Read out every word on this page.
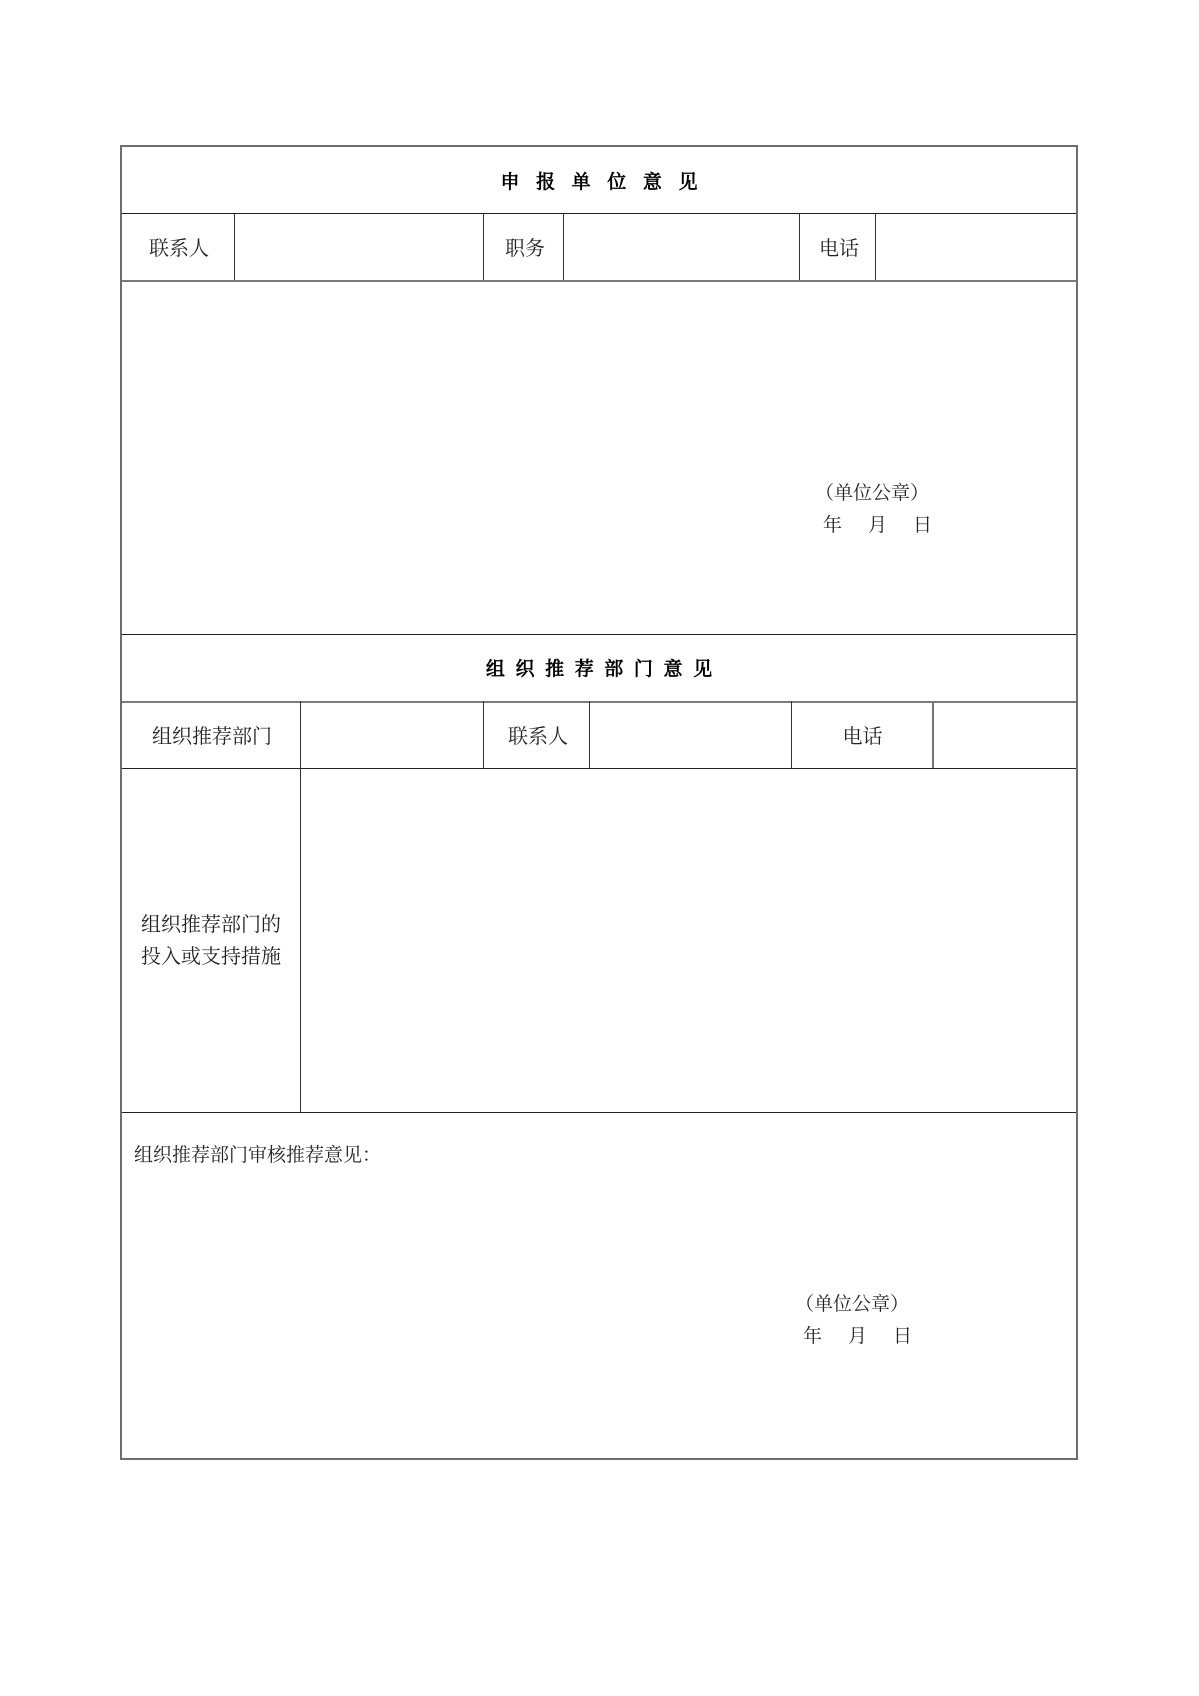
申 报 单 位 意 见
联系人	职务	电话
（单位公章）
年 月 日
组 织 推 荐 部 门 意 见
组织推荐部门	联系人	电话
组织推荐部门的
投入或支持措施
组织推荐部门审核推荐意见：
（单位公章）
年 月 日
